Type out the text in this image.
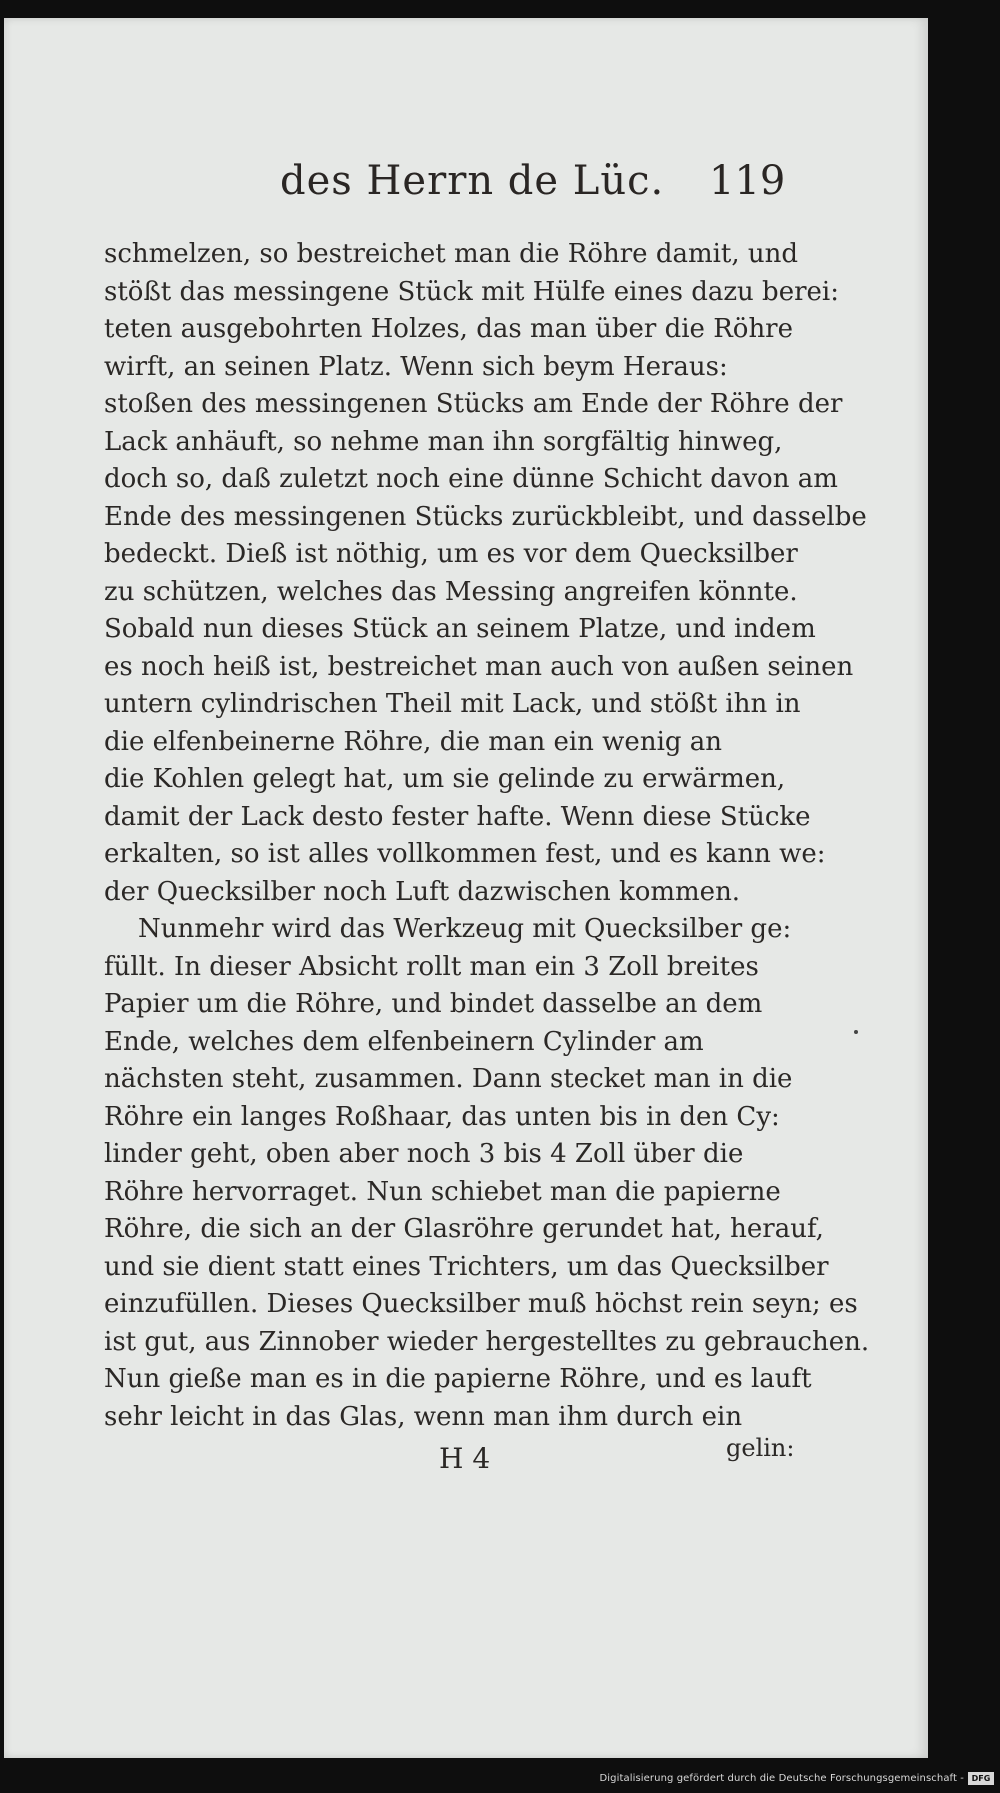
des Herrn de Lüc. 119
schmelzen, so bestreichet man die Röhre damit, und
stößt das messingene Stück mit Hülfe eines dazu berei:
teten ausgebohrten Holzes, das man über die Röhre
wirft, an seinen Platz. Wenn sich beym Heraus:
stoßen des messingenen Stücks am Ende der Röhre der
Lack anhäuft, so nehme man ihn sorgfältig hinweg,
doch so, daß zuletzt noch eine dünne Schicht davon am
Ende des messingenen Stücks zurückbleibt, und dasselbe
bedeckt. Dieß ist nöthig, um es vor dem Quecksilber
zu schützen, welches das Messing angreifen könnte.
Sobald nun dieses Stück an seinem Platze, und indem
es noch heiß ist, bestreichet man auch von außen seinen
untern cylindrischen Theil mit Lack, und stößt ihn in
die elfenbeinerne Röhre, die man ein wenig an
die Kohlen gelegt hat, um sie gelinde zu erwärmen,
damit der Lack desto fester hafte. Wenn diese Stücke
erkalten, so ist alles vollkommen fest, und es kann we:
der Quecksilber noch Luft dazwischen kommen.
Nunmehr wird das Werkzeug mit Quecksilber ge:
füllt. In dieser Absicht rollt man ein 3 Zoll breites
Papier um die Röhre, und bindet dasselbe an dem
Ende, welches dem elfenbeinern Cylinder am
nächsten steht, zusammen. Dann stecket man in die
Röhre ein langes Roßhaar, das unten bis in den Cy:
linder geht, oben aber noch 3 bis 4 Zoll über die
Röhre hervorraget. Nun schiebet man die papierne
Röhre, die sich an der Glasröhre gerundet hat, herauf,
und sie dient statt eines Trichters, um das Quecksilber
einzufüllen. Dieses Quecksilber muß höchst rein seyn; es
ist gut, aus Zinnober wieder hergestelltes zu gebrauchen.
Nun gieße man es in die papierne Röhre, und es lauft
sehr leicht in das Glas, wenn man ihm durch ein
H 4	gelin:
Digitalisierung gefördert durch die Deutsche Forschungsgemeinschaft - DFG
